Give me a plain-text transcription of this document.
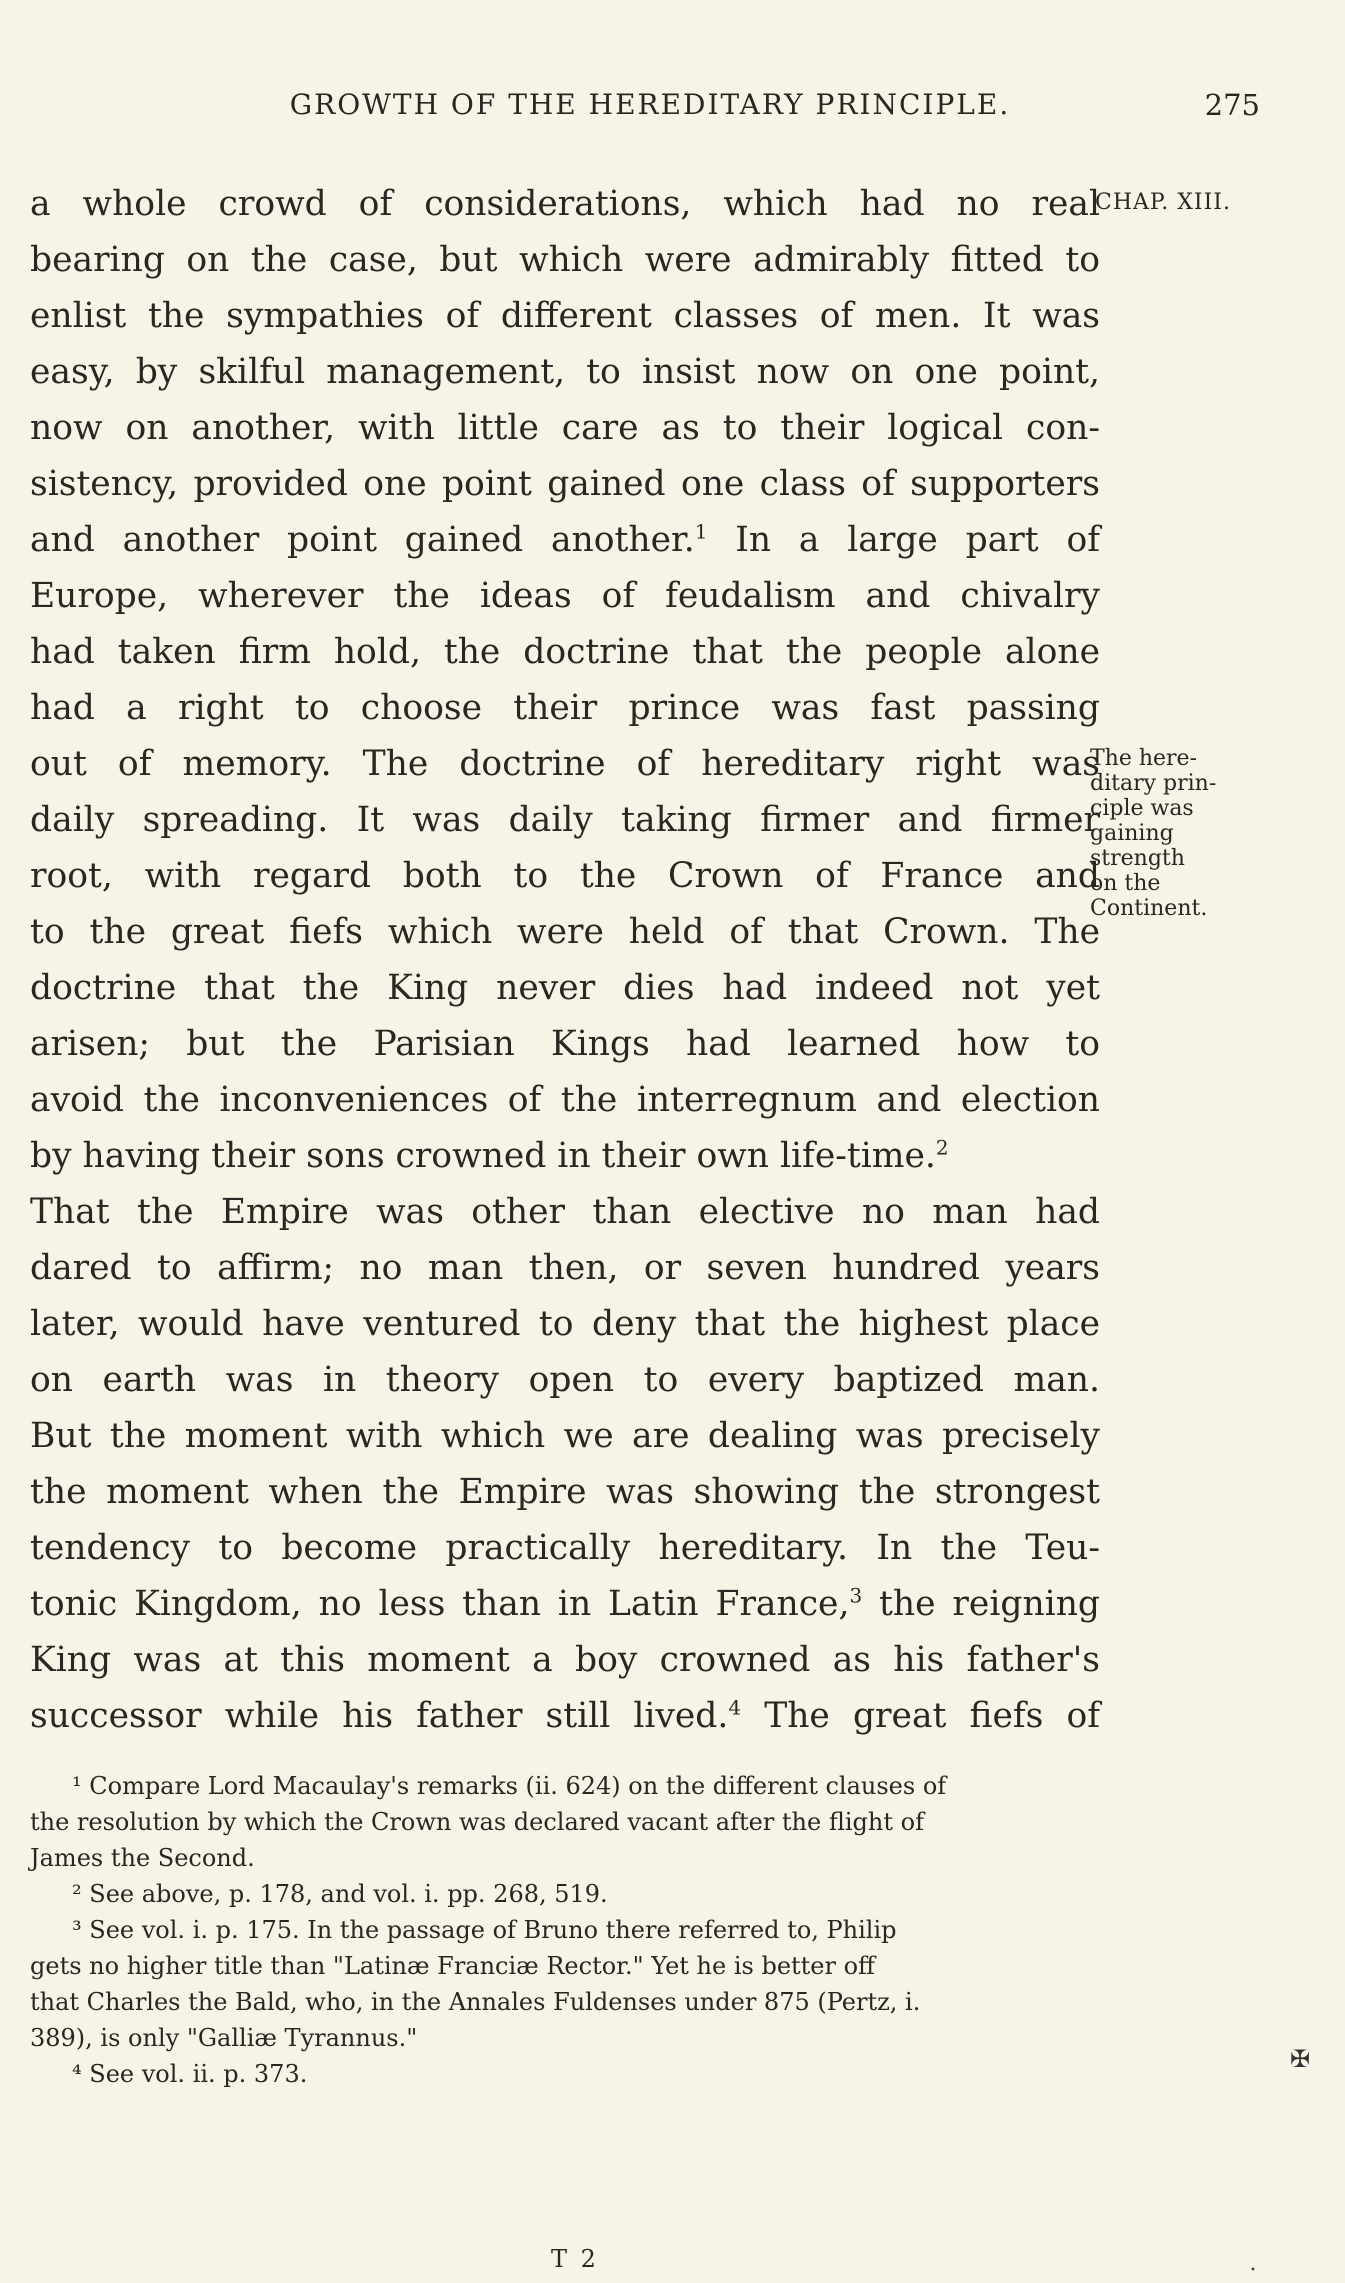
GROWTH OF THE HEREDITARY PRINCIPLE.	275
CHAP. XIII.
The here-
ditary prin-
ciple was
gaining
strength
on the
Continent.
a whole crowd of considerations, which had no real
bearing on the case, but which were admirably fitted to
enlist the sympathies of different classes of men. It was
easy, by skilful management, to insist now on one point,
now on another, with little care as to their logical con-
sistency, provided one point gained one class of supporters
and another point gained another.$^1$ In a large part of
Europe, wherever the ideas of feudalism and chivalry
had taken firm hold, the doctrine that the people alone
had a right to choose their prince was fast passing
out of memory. The doctrine of hereditary right was
daily spreading. It was daily taking firmer and firmer
root, with regard both to the Crown of France and
to the great fiefs which were held of that Crown. The
doctrine that the King never dies had indeed not yet
arisen; but the Parisian Kings had learned how to
avoid the inconveniences of the interregnum and election
by having their sons crowned in their own life-time.$^2$
That the Empire was other than elective no man had
dared to affirm; no man then, or seven hundred years
later, would have ventured to deny that the highest place
on earth was in theory open to every baptized man.
But the moment with which we are dealing was precisely
the moment when the Empire was showing the strongest
tendency to become practically hereditary. In the Teu-
tonic Kingdom, no less than in Latin France,$^3$ the reigning
King was at this moment a boy crowned as his father's
successor while his father still lived.$^4$ The great fiefs of
¹ Compare Lord Macaulay's remarks (ii. 624) on the different clauses of
the resolution by which the Crown was declared vacant after the flight of
James the Second.
² See above, p. 178, and vol. i. pp. 268, 519.
³ See vol. i. p. 175. In the passage of Bruno there referred to, Philip
gets no higher title than "Latinæ Franciæ Rector." Yet he is better off
that Charles the Bald, who, in the Annales Fuldenses under 875 (Pertz, i.
389), is only "Galliæ Tyrannus."
⁴ See vol. ii. p. 373.
T 2
✠
•
